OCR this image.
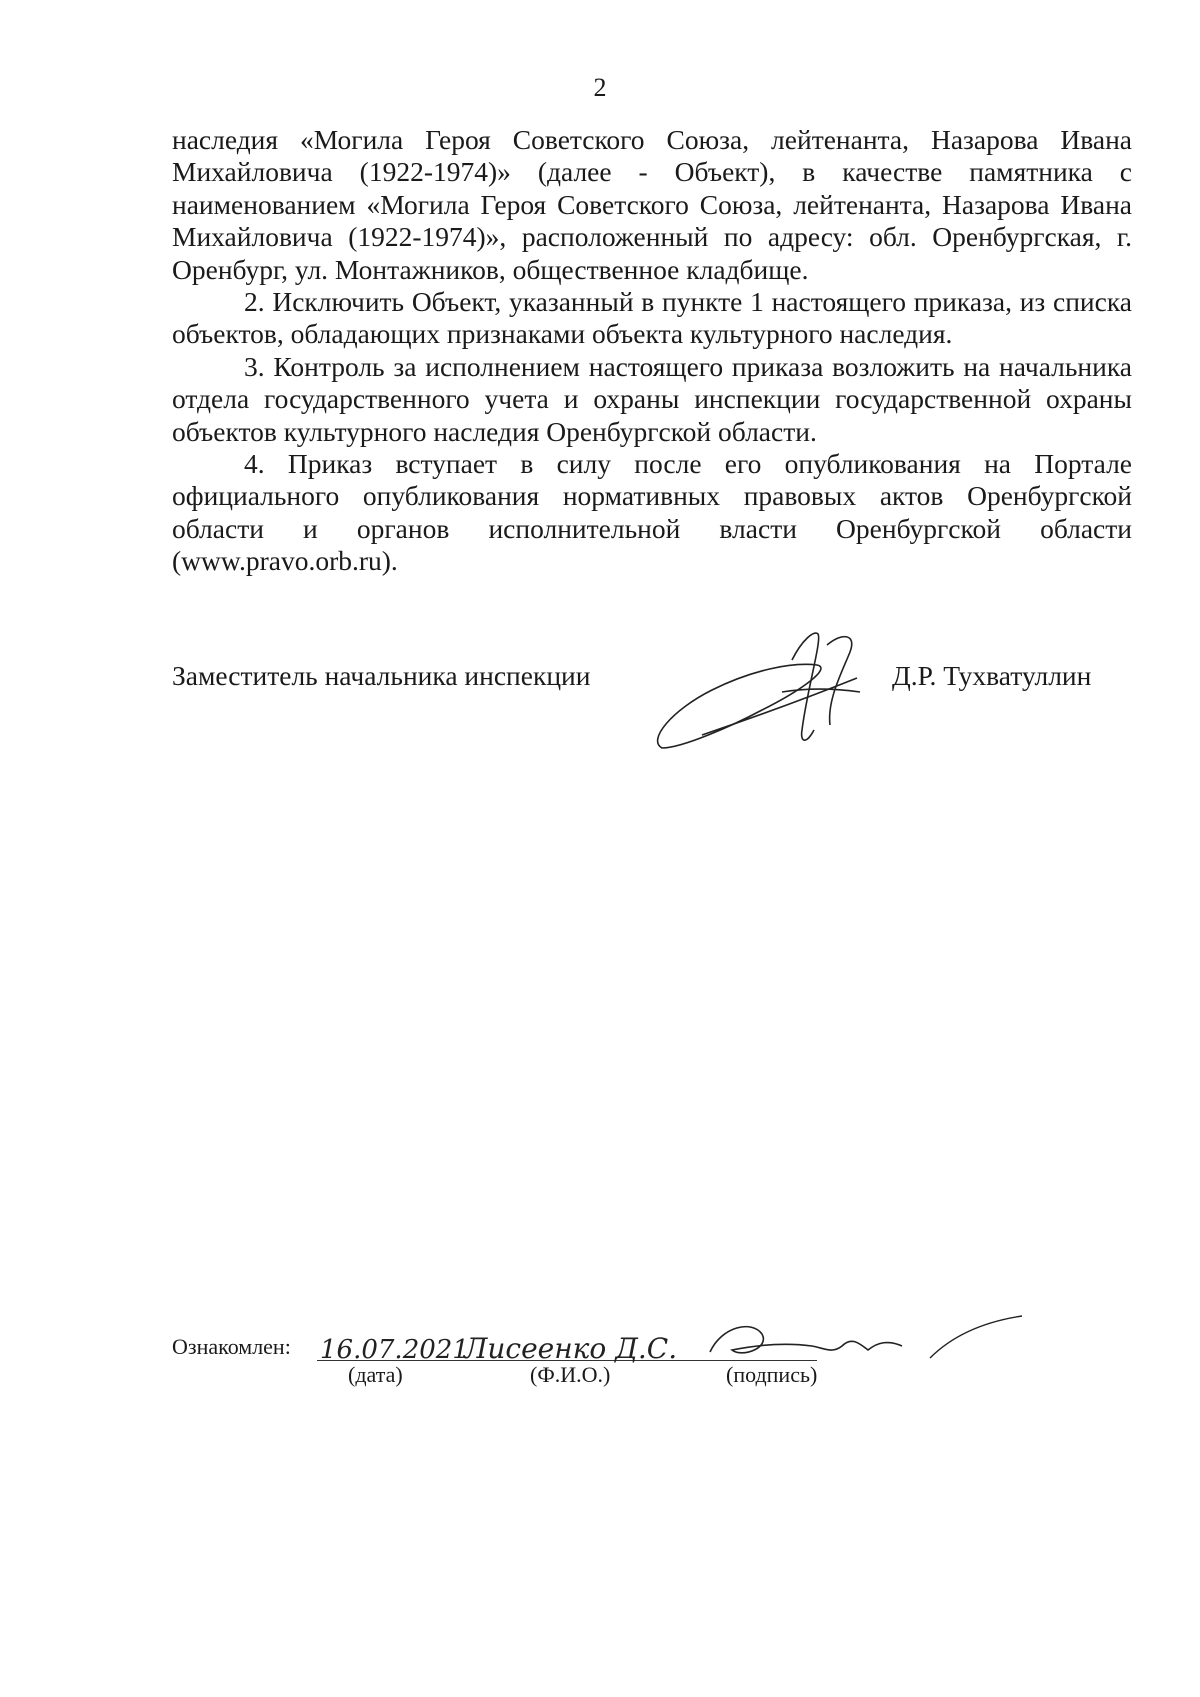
2

наследия «Могила Героя Советского Союза, лейтенанта, Назарова Ивана Михайловича (1922-1974)» (далее - Объект), в качестве памятника с наименованием «Могила Героя Советского Союза, лейтенанта, Назарова Ивана Михайловича (1922-1974)», расположенный по адресу: обл. Оренбургская, г. Оренбург, ул. Монтажников, общественное кладбище.

2. Исключить Объект, указанный в пункте 1 настоящего приказа, из списка объектов, обладающих признаками объекта культурного наследия.

3. Контроль за исполнением настоящего приказа возложить на начальника отдела государственного учета и охраны инспекции государственной охраны объектов культурного наследия Оренбургской области.

4. Приказ вступает в силу после его опубликования на Портале официального опубликования нормативных правовых актов Оренбургской области и органов исполнительной власти Оренбургской области (www.pravo.orb.ru).

Заместитель начальника инспекции	Д.Р. Тухватуллин
Ознакомлен: 16.07.2021
Лисеенко Д.С.
(дата)	(Ф.И.О.)	(подпись)
